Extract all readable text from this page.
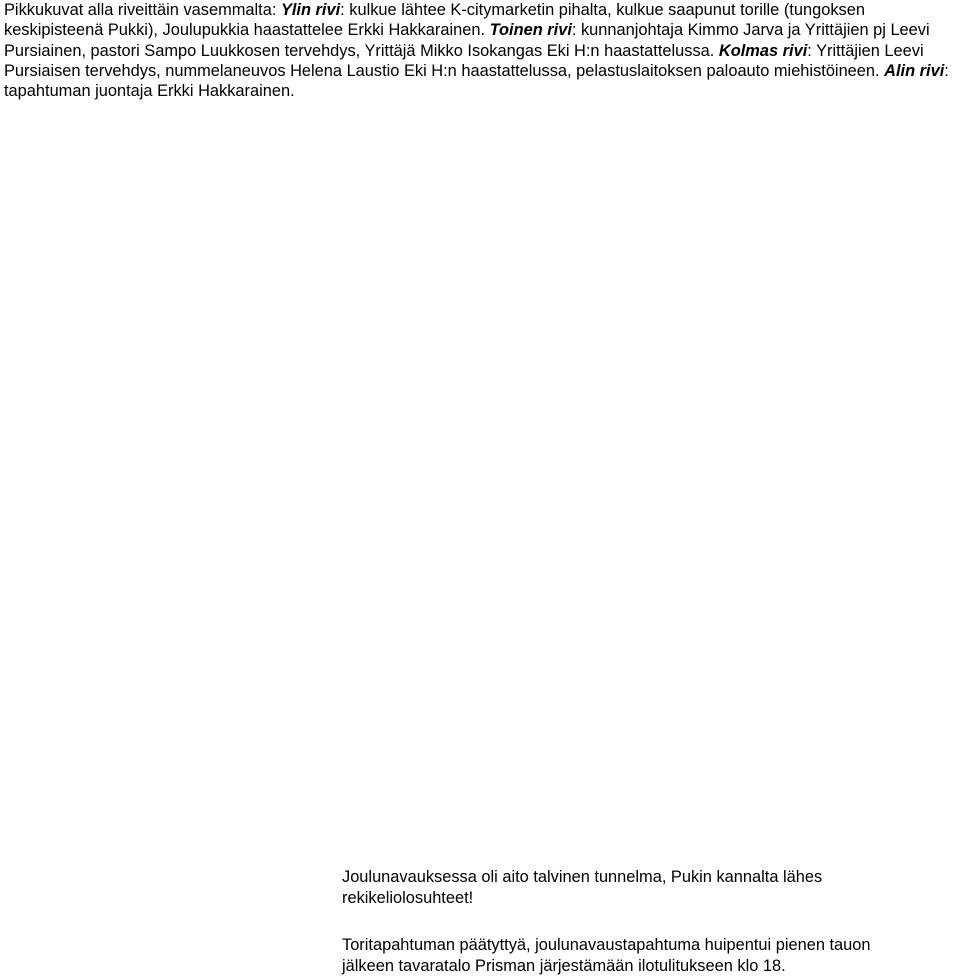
Pikkukuvat alla riveittäin vasemmalta: Ylin rivi: kulkue lähtee K-citymarketin pihalta, kulkue saapunut torille (tungoksen keskipisteenä Pukki), Joulupukkia haastattelee Erkki Hakkarainen. Toinen rivi: kunnanjohtaja Kimmo Jarva ja Yrittäjien pj Leevi Pursiainen, pastori Sampo Luukkosen tervehdys, Yrittäjä Mikko Isokangas Eki H:n haastattelussa. Kolmas rivi: Yrittäjien Leevi Pursiaisen tervehdys, nummelaneuvos Helena Laustio Eki H:n haastattelussa, pelastuslaitoksen paloauto miehistöineen. Alin rivi: tapahtuman juontaja Erkki Hakkarainen.

Joulunavauksessa oli aito talvinen tunnelma, Pukin kannalta lähes rekikeliolosuhteet!

Toritapahtuman päätyttyä, joulunavaustapahtuma huipentui pienen tauon jälkeen tavaratalo Prisman järjestämään ilotulitukseen klo 18.
